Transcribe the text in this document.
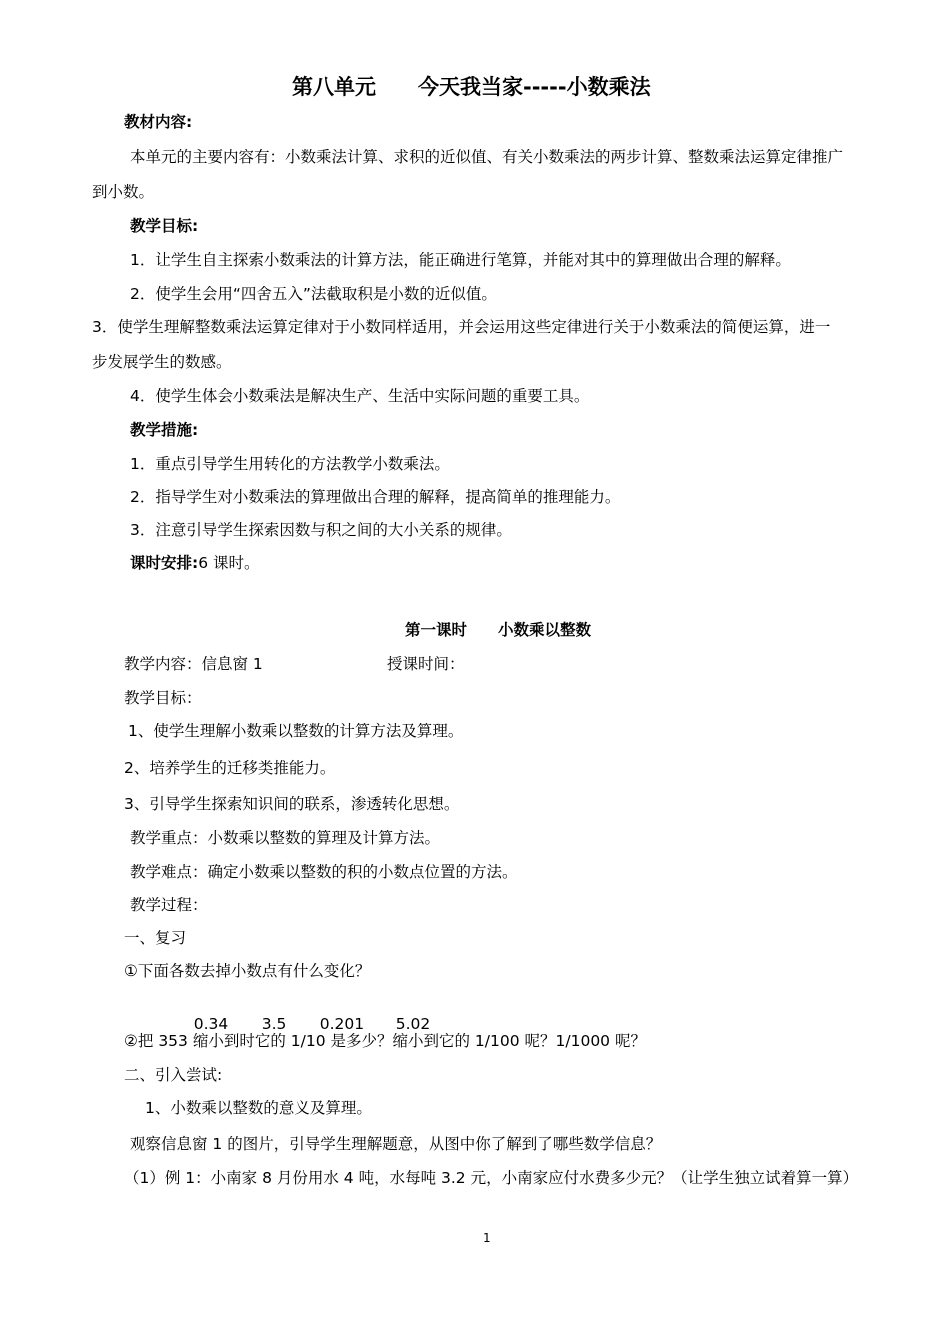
第八单元　　今天我当家-----小数乘法
教材内容:
本单元的主要内容有：小数乘法计算、求积的近似值、有关小数乘法的两步计算、整数乘法运算定律推广
到小数。
教学目标:
1．让学生自主探索小数乘法的计算方法，能正确进行笔算，并能对其中的算理做出合理的解释。
2．使学生会用“四舍五入”法截取积是小数的近似值。
3．使学生理解整数乘法运算定律对于小数同样适用，并会运用这些定律进行关于小数乘法的简便运算，进一
步发展学生的数感。
4．使学生体会小数乘法是解决生产、生活中实际问题的重要工具。
教学措施:
1．重点引导学生用转化的方法教学小数乘法。
2．指导学生对小数乘法的算理做出合理的解释，提高简单的推理能力。
3．注意引导学生探索因数与积之间的大小关系的规律。
课时安排:6 课时。
第一课时　　小数乘以整数
教学内容：信息窗 1	授课时间：
教学目标：
1、使学生理解小数乘以整数的计算方法及算理。
2、培养学生的迁移类推能力。
3、引导学生探索知识间的联系，渗透转化思想。
教学重点：小数乘以整数的算理及计算方法。
教学难点：确定小数乘以整数的积的小数点位置的方法。
教学过程：
一、复习
①下面各数去掉小数点有什么变化？

0.34 3.5 0.201 5.02

②把 353 缩小到时它的 1/10 是多少？缩小到它的 1/100 呢？1/1000 呢？
二、引入尝试:
1、小数乘以整数的意义及算理。
观察信息窗 1 的图片，引导学生理解题意，从图中你了解到了哪些数学信息？
（1）例 1：小南家 8 月份用水 4 吨，水每吨 3.2 元，小南家应付水费多少元？（让学生独立试着算一算）
1
